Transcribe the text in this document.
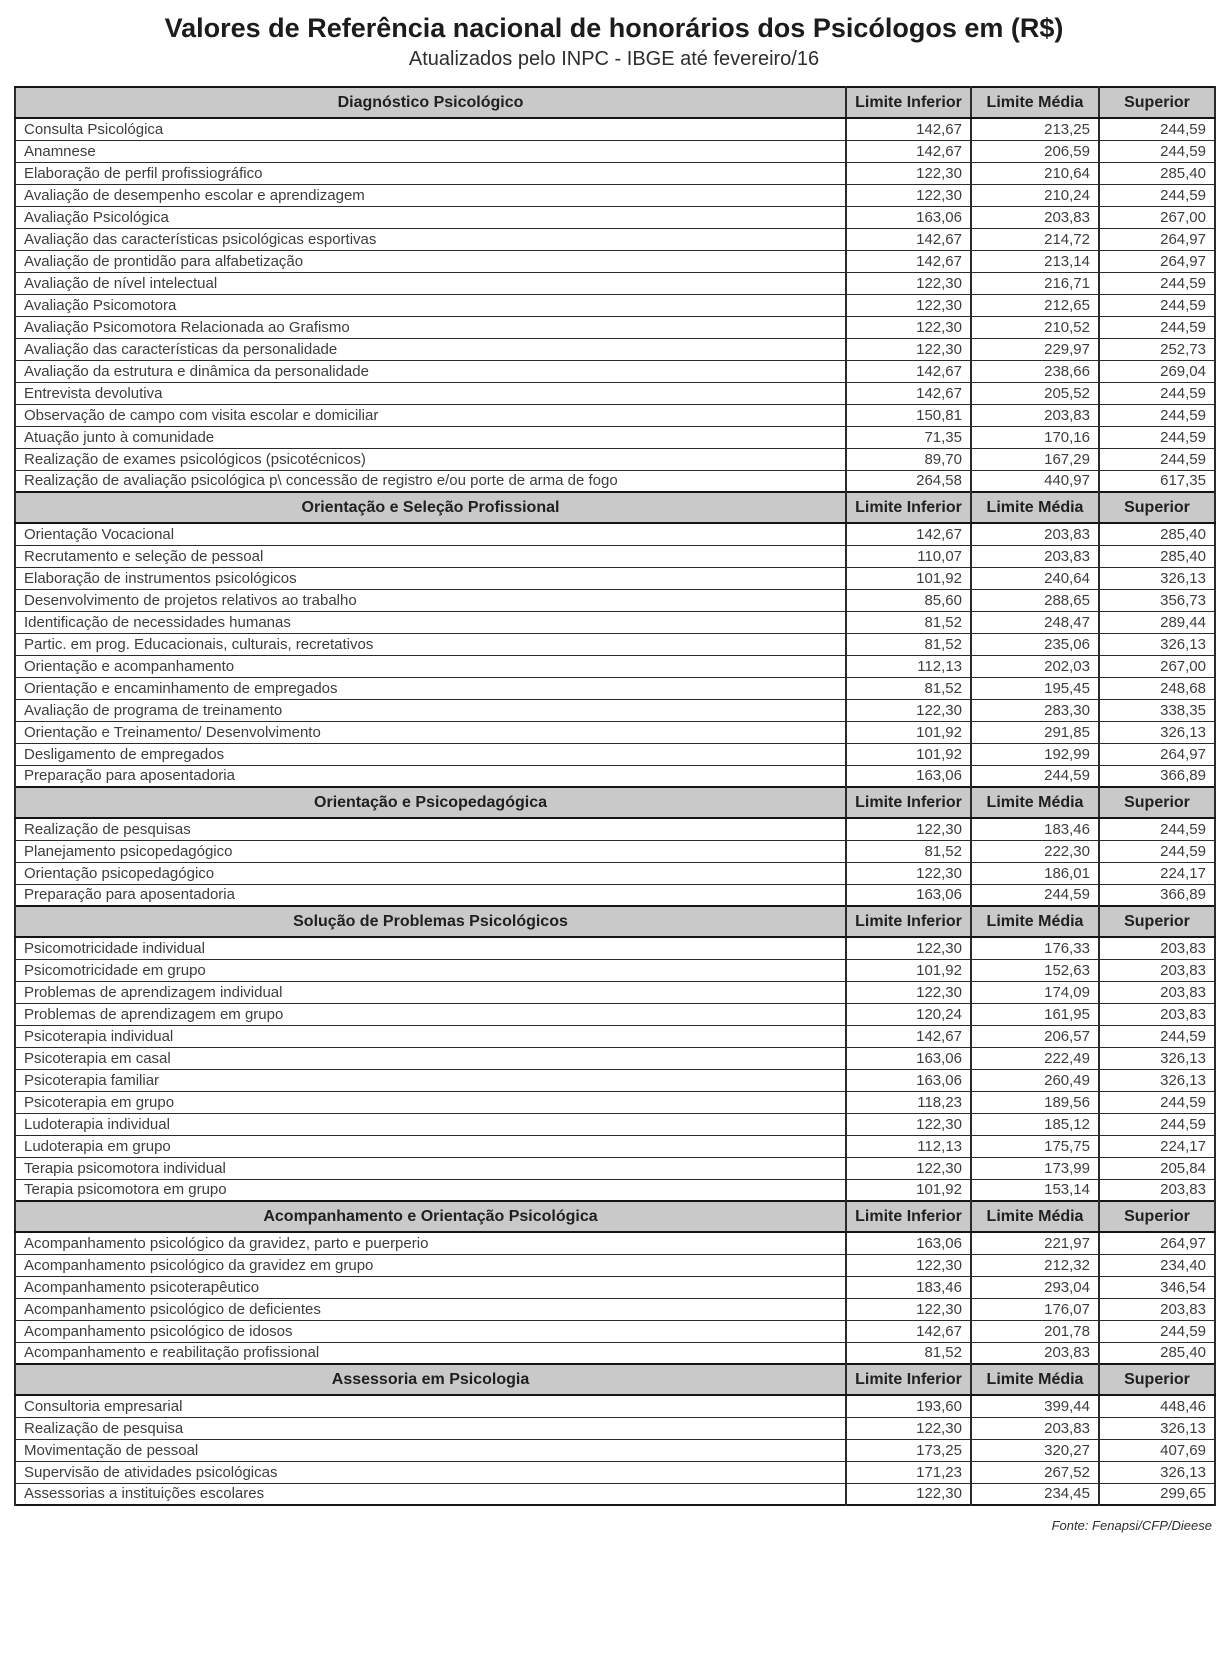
Valores de Referência nacional de honorários dos Psicólogos em (R$)
Atualizados pelo INPC - IBGE até fevereiro/16
Diagnóstico Psicológico	Limite Inferior	Limite Média	Superior
Consulta Psicológica	142,67	213,25	244,59
Anamnese	142,67	206,59	244,59
Elaboração de perfil profissiográfico	122,30	210,64	285,40
Avaliação de desempenho escolar e aprendizagem	122,30	210,24	244,59
Avaliação Psicológica	163,06	203,83	267,00
Avaliação das características psicológicas esportivas	142,67	214,72	264,97
Avaliação de prontidão para alfabetização	142,67	213,14	264,97
Avaliação de nível intelectual	122,30	216,71	244,59
Avaliação Psicomotora	122,30	212,65	244,59
Avaliação Psicomotora Relacionada ao Grafismo	122,30	210,52	244,59
Avaliação das características da personalidade	122,30	229,97	252,73
Avaliação da estrutura e dinâmica da personalidade	142,67	238,66	269,04
Entrevista devolutiva	142,67	205,52	244,59
Observação de campo com visita escolar e domiciliar	150,81	203,83	244,59
Atuação junto à comunidade	71,35	170,16	244,59
Realização de exames psicológicos (psicotécnicos)	89,70	167,29	244,59
Realização de avaliação psicológica p\ concessão de registro e/ou porte de arma de fogo	264,58	440,97	617,35
Orientação e Seleção Profissional	Limite Inferior	Limite Média	Superior
Orientação Vocacional	142,67	203,83	285,40
Recrutamento e seleção de pessoal	110,07	203,83	285,40
Elaboração de instrumentos psicológicos	101,92	240,64	326,13
Desenvolvimento de projetos relativos ao trabalho	85,60	288,65	356,73
Identificação de necessidades humanas	81,52	248,47	289,44
Partic. em prog. Educacionais, culturais, recretativos	81,52	235,06	326,13
Orientação e acompanhamento	112,13	202,03	267,00
Orientação e encaminhamento de empregados	81,52	195,45	248,68
Avaliação de programa de treinamento	122,30	283,30	338,35
Orientação e Treinamento/ Desenvolvimento	101,92	291,85	326,13
Desligamento de empregados	101,92	192,99	264,97
Preparação para aposentadoria	163,06	244,59	366,89
Orientação e Psicopedagógica	Limite Inferior	Limite Média	Superior
Realização de pesquisas	122,30	183,46	244,59
Planejamento psicopedagógico	81,52	222,30	244,59
Orientação psicopedagógico	122,30	186,01	224,17
Preparação para aposentadoria	163,06	244,59	366,89
Solução de Problemas Psicológicos	Limite Inferior	Limite Média	Superior
Psicomotricidade individual	122,30	176,33	203,83
Psicomotricidade em grupo	101,92	152,63	203,83
Problemas de aprendizagem individual	122,30	174,09	203,83
Problemas de aprendizagem em grupo	120,24	161,95	203,83
Psicoterapia individual	142,67	206,57	244,59
Psicoterapia em casal	163,06	222,49	326,13
Psicoterapia familiar	163,06	260,49	326,13
Psicoterapia em grupo	118,23	189,56	244,59
Ludoterapia individual	122,30	185,12	244,59
Ludoterapia em grupo	112,13	175,75	224,17
Terapia psicomotora individual	122,30	173,99	205,84
Terapia psicomotora em grupo	101,92	153,14	203,83
Acompanhamento e Orientação Psicológica	Limite Inferior	Limite Média	Superior
Acompanhamento psicológico da gravidez, parto e puerperio	163,06	221,97	264,97
Acompanhamento psicológico da gravidez em grupo	122,30	212,32	234,40
Acompanhamento psicoterapêutico	183,46	293,04	346,54
Acompanhamento psicológico de deficientes	122,30	176,07	203,83
Acompanhamento psicológico de idosos	142,67	201,78	244,59
Acompanhamento e reabilitação profissional	81,52	203,83	285,40
Assessoria em Psicologia	Limite Inferior	Limite Média	Superior
Consultoria empresarial	193,60	399,44	448,46
Realização de pesquisa	122,30	203,83	326,13
Movimentação de pessoal	173,25	320,27	407,69
Supervisão de atividades psicológicas	171,23	267,52	326,13
Assessorias a instituições escolares	122,30	234,45	299,65
Fonte: Fenapsi/CFP/Dieese
